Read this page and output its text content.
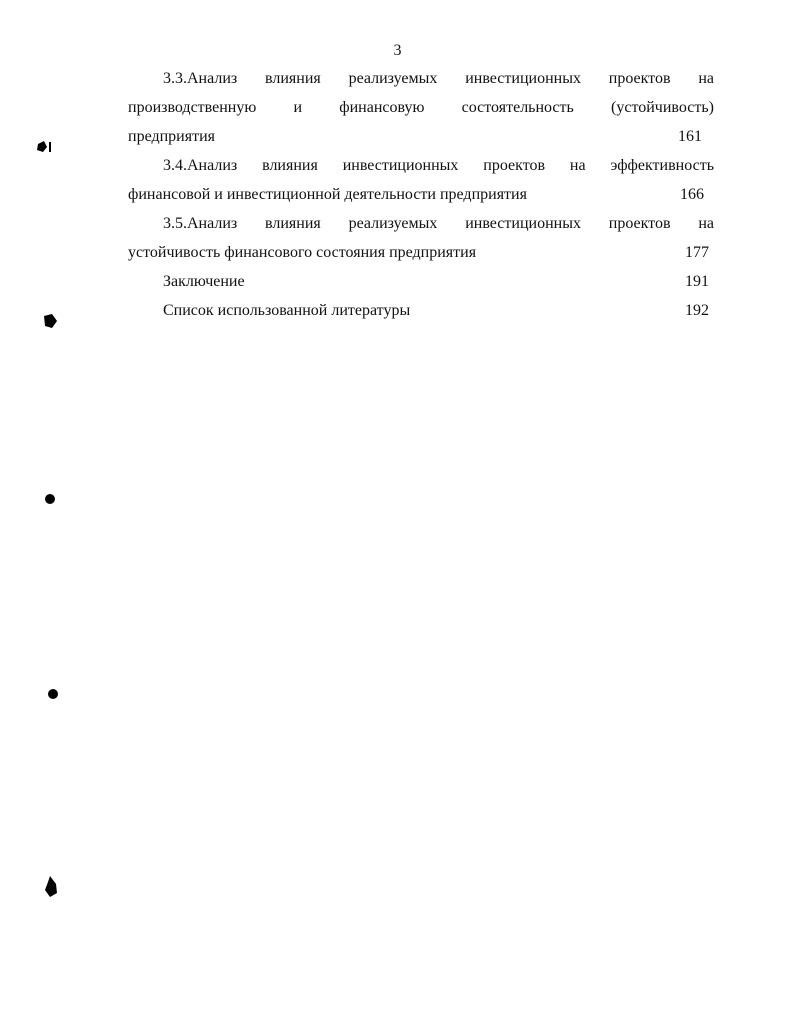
3
3.3.Анализ влияния реализуемых инвестиционных проектов на
производственную и финансовую состоятельность (устойчивость)
предприятия	161
3.4.Анализ влияния инвестиционных проектов на эффективность
финансовой и инвестиционной деятельности предприятия	166
3.5.Анализ влияния реализуемых инвестиционных проектов на
устойчивость финансового состояния предприятия	177
Заключение	191
Список использованной литературы	192
